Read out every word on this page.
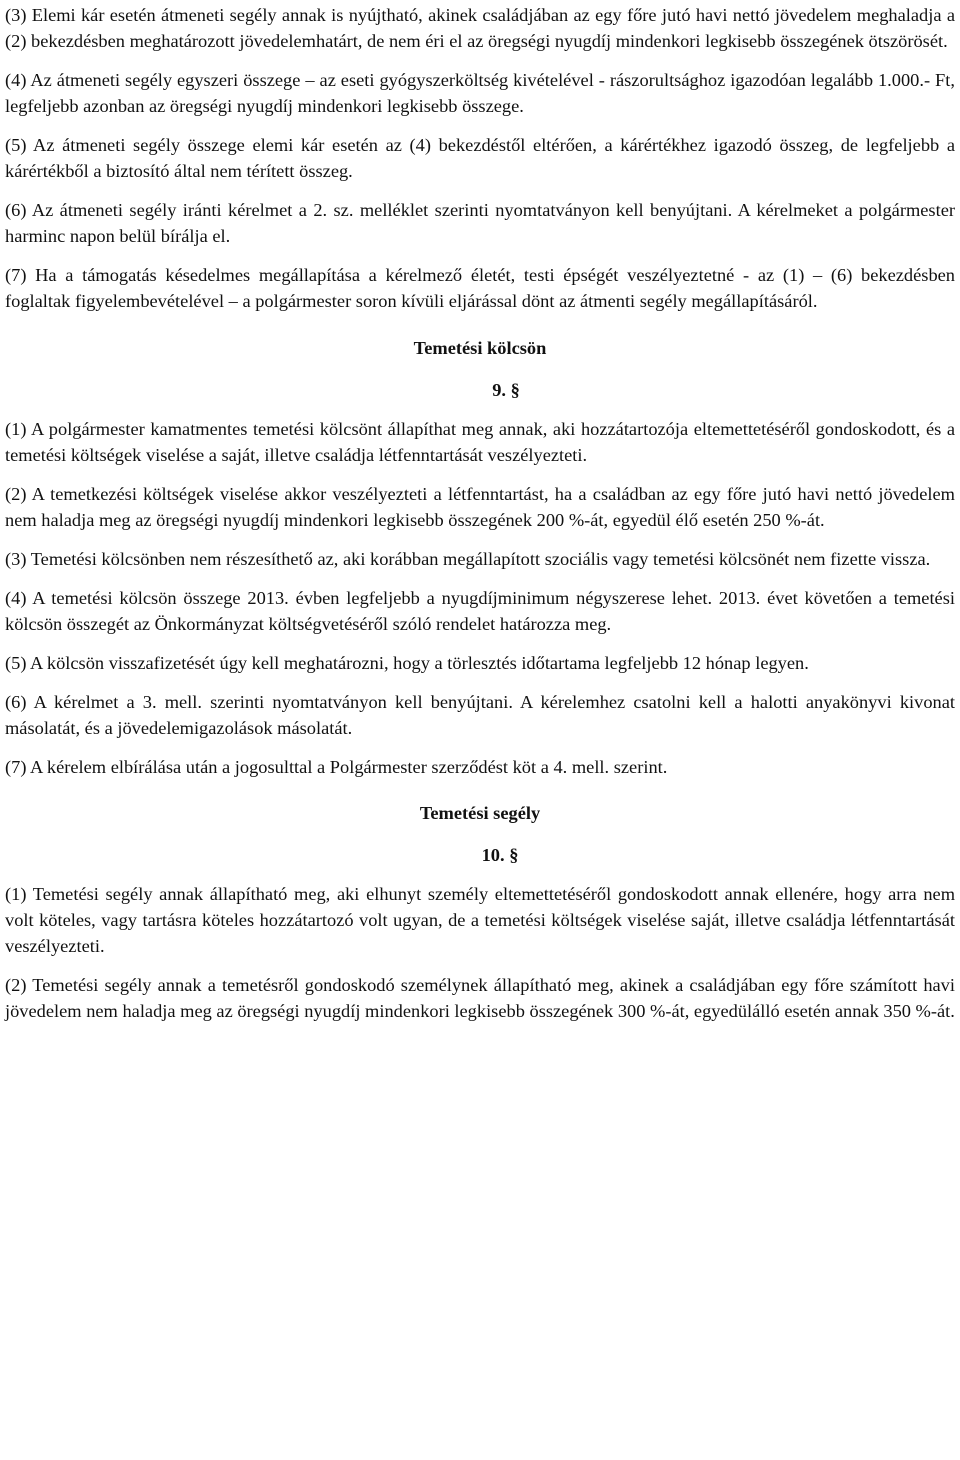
(3) Elemi kár esetén átmeneti segély annak is nyújtható, akinek családjában az egy főre jutó havi nettó jövedelem meghaladja a (2) bekezdésben meghatározott jövedelemhatárt, de nem éri el az öregségi nyugdíj mindenkori legkisebb összegének ötszörösét.

(4) Az átmeneti segély egyszeri összege – az eseti gyógyszerköltség kivételével - rászorultsághoz igazodóan legalább 1.000.- Ft, legfeljebb azonban az öregségi nyugdíj mindenkori legkisebb összege.

(5) Az átmeneti segély összege elemi kár esetén az (4) bekezdéstől eltérően, a kárértékhez igazodó összeg, de legfeljebb a kárértékből a biztosító által nem térített összeg.

(6) Az átmeneti segély iránti kérelmet a 2. sz. melléklet szerinti nyomtatványon kell benyújtani. A kérelmeket a polgármester harminc napon belül bírálja el.

(7) Ha a támogatás késedelmes megállapítása a kérelmező életét, testi épségét veszélyeztetné - az (1) – (6) bekezdésben foglaltak figyelembevételével – a polgármester soron kívüli eljárással dönt az átmenti segély megállapításáról.

Temetési kölcsön
9. §

(1) A polgármester kamatmentes temetési kölcsönt állapíthat meg annak, aki hozzátartozója eltemettetéséről gondoskodott, és a temetési költségek viselése a saját, illetve családja létfenntartását veszélyezteti.

(2) A temetkezési költségek viselése akkor veszélyezteti a létfenntartást, ha a családban az egy főre jutó havi nettó jövedelem nem haladja meg az öregségi nyugdíj mindenkori legkisebb összegének 200 %-át, egyedül élő esetén 250 %-át.

(3) Temetési kölcsönben nem részesíthető az, aki korábban megállapított szociális vagy temetési kölcsönét nem fizette vissza.

(4) A temetési kölcsön összege 2013. évben legfeljebb a nyugdíjminimum négyszerese lehet. 2013. évet követően a temetési kölcsön összegét az Önkormányzat költségvetéséről szóló rendelet határozza meg.

(5) A kölcsön visszafizetését úgy kell meghatározni, hogy a törlesztés időtartama legfeljebb 12 hónap legyen.

(6) A kérelmet a 3. mell. szerinti nyomtatványon kell benyújtani. A kérelemhez csatolni kell a halotti anyakönyvi kivonat másolatát, és a jövedelemigazolások másolatát.

(7) A kérelem elbírálása után a jogosulttal a Polgármester szerződést köt a 4. mell. szerint.

Temetési segély
10. §

(1) Temetési segély annak állapítható meg, aki elhunyt személy eltemettetéséről gondoskodott annak ellenére, hogy arra nem volt köteles, vagy tartásra köteles hozzátartozó volt ugyan, de a temetési költségek viselése saját, illetve családja létfenntartását veszélyezteti.

(2) Temetési segély annak a temetésről gondoskodó személynek állapítható meg, akinek a családjában egy főre számított havi jövedelem nem haladja meg az öregségi nyugdíj mindenkori legkisebb összegének 300 %-át, egyedülálló esetén annak 350 %-át.
